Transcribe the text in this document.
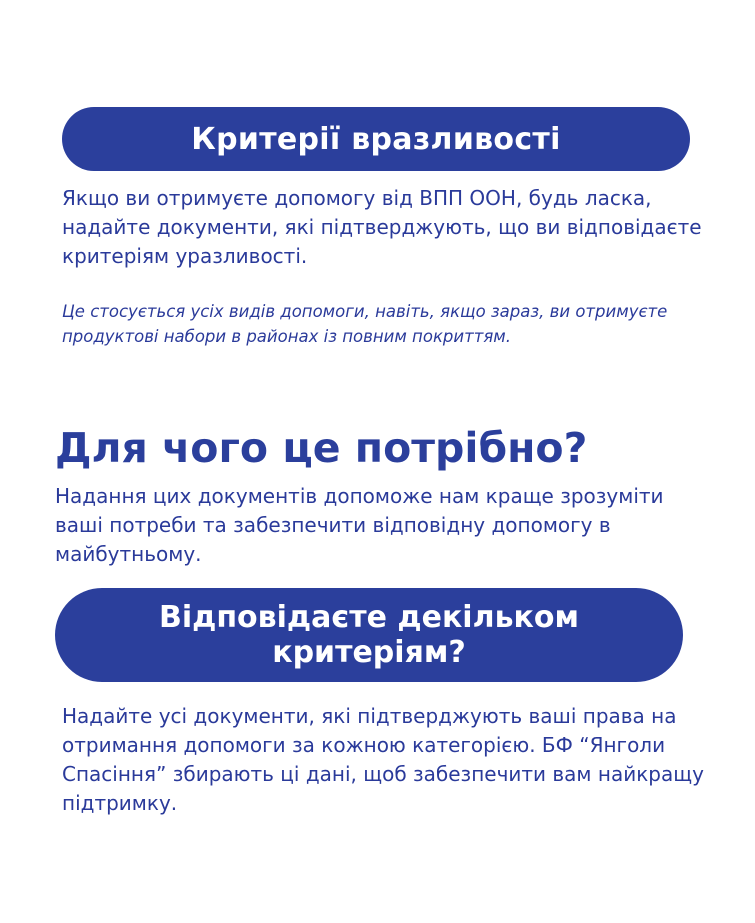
Критерії вразливості

Якщо ви отримуєте допомогу від ВПП ООН, будь ласка, надайте документи, які підтверджують, що ви відповідаєте критеріям уразливості.

Це стосується усіх видів допомоги, навіть, якщо зараз, ви отримуєте продуктові набори в районах із повним покриттям.

Для чого це потрібно?

Надання цих документів допоможе нам краще зрозуміти ваші потреби та забезпечити відповідну допомогу в майбутньому.

Відповідаєте декільком критеріям?

Надайте усі документи, які підтверджують ваші права на отримання допомоги за кожною категорією. БФ “Янголи Спасіння” збирають ці дані, щоб забезпечити вам найкращу підтримку.
